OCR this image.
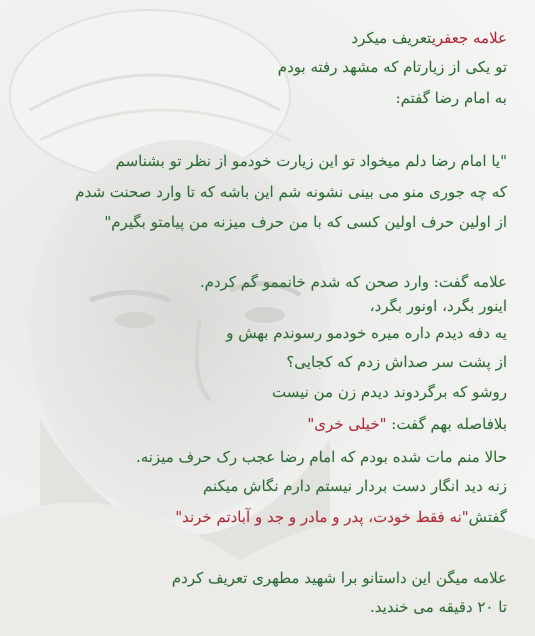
علامه جعفریتعریف میکرد
تو یکی از زیارتام که مشهد رفته بودم
به امام رضا گفتم:
"یا امام رضا دلم میخواد تو این زیارت خودمو از نظر تو بشناسم
که چه جوری منو می بینی نشونه شم این باشه که تا وارد صحنت شدم
از اولین حرف اولین کسی که با من حرف میزنه من پیامتو بگیرم"
علامه گفت: وارد صحن که شدم خانممو گم کردم.
اینور بگرد، اونور بگرد،
یه دفه دیدم داره میره خودمو رسوندم بهش و
از پشت سر صداش زدم که کجایی؟
روشو که برگردوند دیدم زن من نیست
بلافاصله بهم گفت: "خیلی خری"
حالا منم مات شده بودم که امام رضا عجب رک حرف میزنه.
زنه دید انگار دست بردار نیستم دارم نگاش میکنم
گفتش"نه فقط خودت، پدر و مادر و جد و آبادتم خرند"
علامه میگن این داستانو برا شهید مطهری تعریف کردم
تا ۲۰ دقیقه می خندید.
